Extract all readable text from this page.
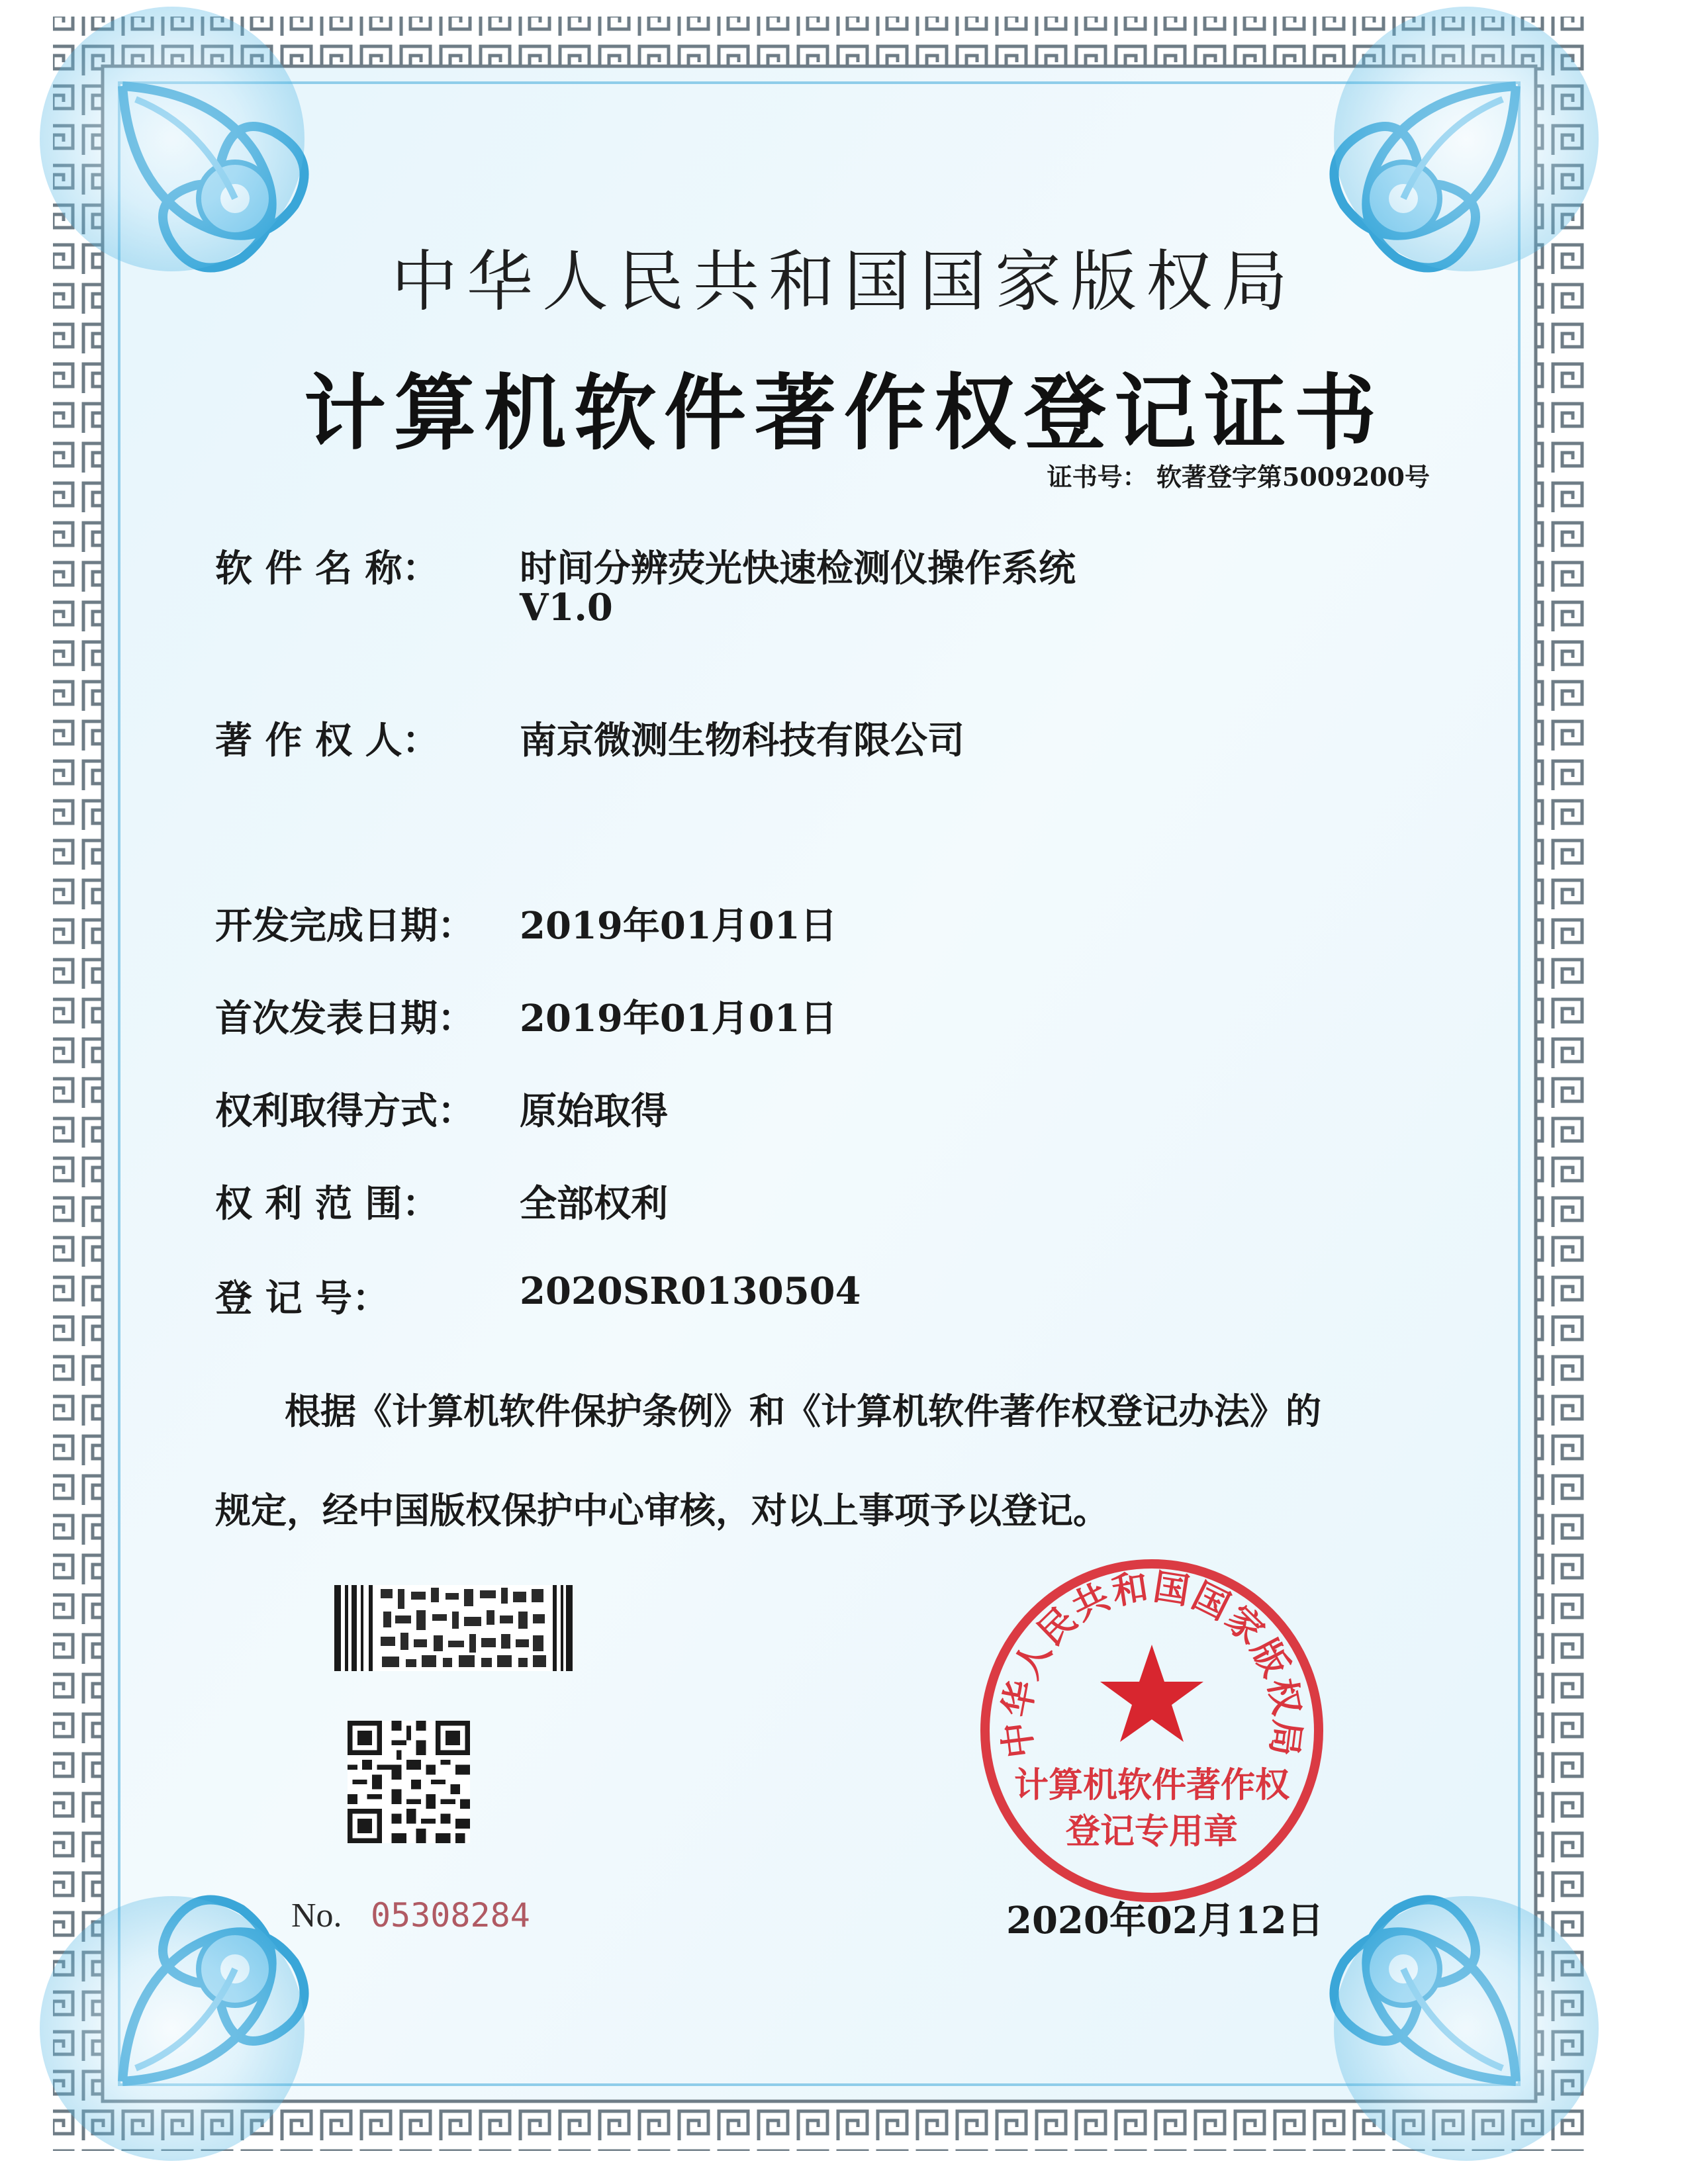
中华人民共和国国家版权局
计算机软件著作权登记证书
证书号： 软著登字第5009200号
软 件 名 称： 时间分辨荧光快速检测仪操作系统
V1.0
著 作 权 人： 南京微测生物科技有限公司
开发完成日期： 2019年01月01日
首次发表日期： 2019年01月01日
权利取得方式： 原始取得
权 利 范 围： 全部权利
登 记 号：	2020SR0130504
根据《计算机软件保护条例》和《计算机软件著作权登记办法》的
规定，经中国版权保护中心审核，对以上事项予以登记。
中华人民共和国国家版权局
计算机软件著作权
登记专用章
No. 05308284	2020年02月12日
